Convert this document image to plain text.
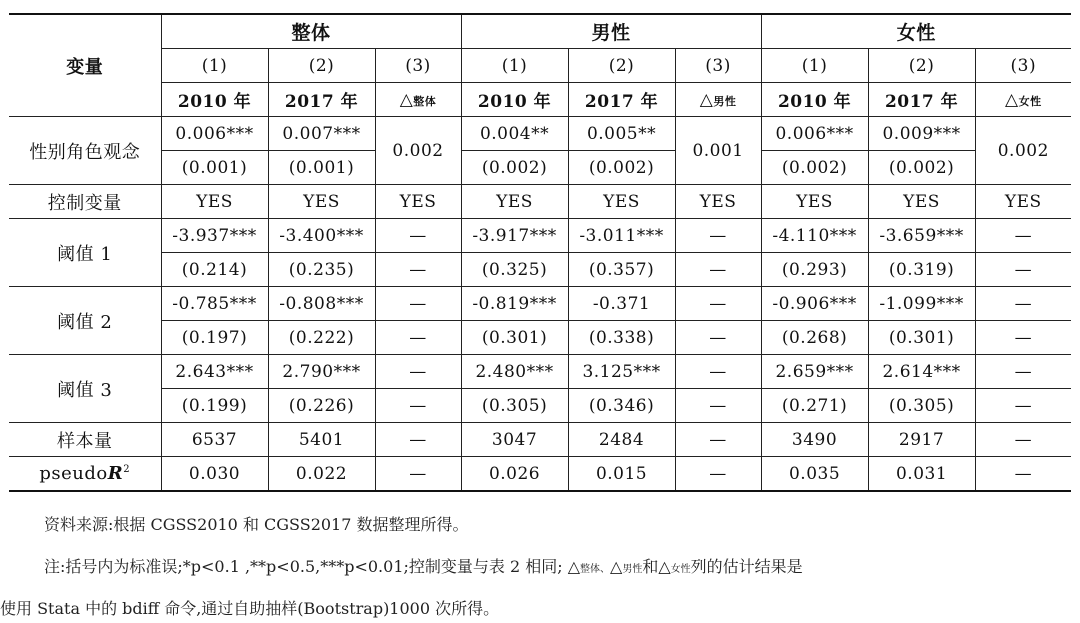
变量	整体			男性			女性		
	(1)	(2)	(3)	(1)	(2)	(3)	(1)	(2)	(3)
	2010 年	2017 年	△整体	2010 年	2017 年	△男性	2010 年	2017 年	△女性
性别角色观念	0.006***	0.007***	0.002	0.004**	0.005**	0.001	0.006***	0.009***	0.002
	(0.001)	(0.001)		(0.002)	(0.002)		(0.002)	(0.002)	
控制变量	YES	YES	YES	YES	YES	YES	YES	YES	YES
阈值 1	-3.937***	-3.400***	—	-3.917***	-3.011***	—	-4.110***	-3.659***	—
	(0.214)	(0.235)	—	(0.325)	(0.357)	—	(0.293)	(0.319)	—
阈值 2	-0.785***	-0.808***	—	-0.819***	-0.371	—	-0.906***	-1.099***	—
	(0.197)	(0.222)	—	(0.301)	(0.338)	—	(0.268)	(0.301)	—
阈值 3	2.643***	2.790***	—	2.480***	3.125***	—	2.659***	2.614***	—
	(0.199)	(0.226)	—	(0.305)	(0.346)	—	(0.271)	(0.305)	—
样本量	6537	5401	—	3047	2484	—	3490	2917	—
pseudoR$^2$	0.030	0.022	—	0.026	0.015	—	0.035	0.031	—
资料来源:根据 CGSS2010 和 CGSS2017 数据整理所得。
注:括号内为标准误;*p<0.1 ,**p<0.5,***p<0.01;控制变量与表 2 相同; △整体、△男性和△女性列的估计结果是
使用 Stata 中的 bdiff 命令,通过自助抽样(Bootstrap)1000 次所得。
